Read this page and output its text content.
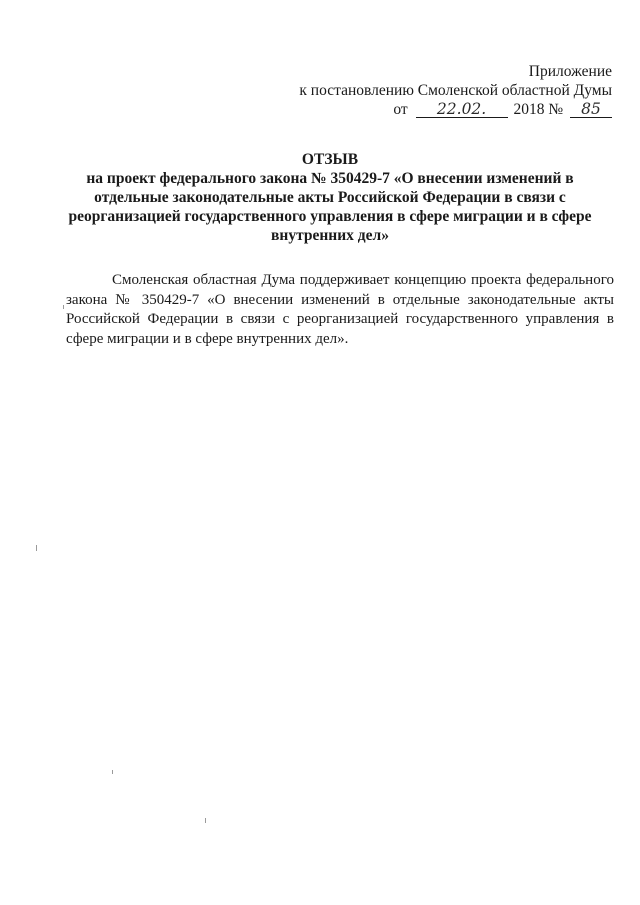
Приложение
к постановлению Смоленской областной Думы
от 22.02. 2018 № 85
ОТЗЫВ
на проект федерального закона № 350429-7 «О внесении изменений в
отдельные законодательные акты Российской Федерации в связи с
реорганизацией государственного управления в сфере миграции и в сфере
внутренних дел»

Смоленская областная Дума поддерживает концепцию проекта федерального закона № 350429-7 «О внесении изменений в отдельные законодательные акты Российской Федерации в связи с реорганизацией государственного управления в сфере миграции и в сфере внутренних дел».
